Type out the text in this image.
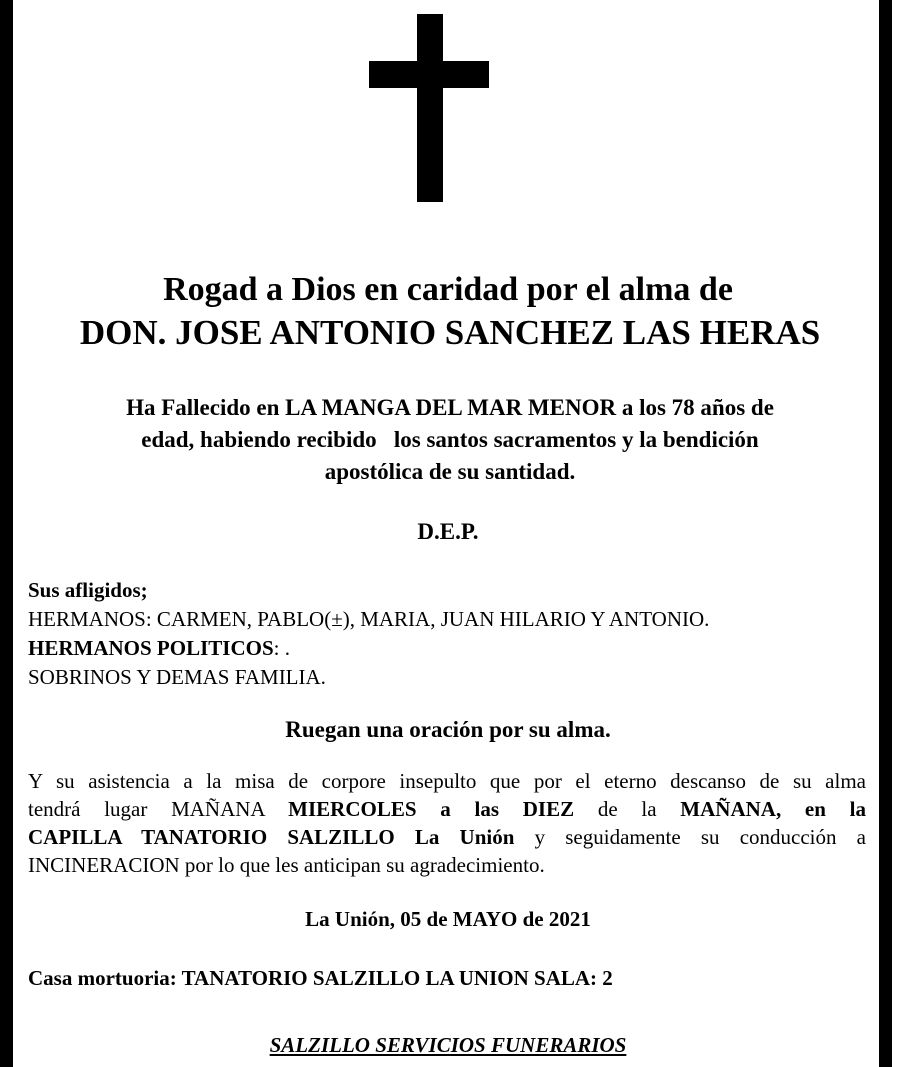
Rogad a Dios en caridad por el alma de
DON. JOSE ANTONIO SANCHEZ LAS HERAS
Ha Fallecido en LA MANGA DEL MAR MENOR a los 78 años de
edad, habiendo recibido   los santos sacramentos y la bendición
apostólica de su santidad.
D.E.P.
Sus afligidos;
HERMANOS: CARMEN, PABLO(±), MARIA, JUAN HILARIO Y ANTONIO.
HERMANOS POLITICOS: .
SOBRINOS Y DEMAS FAMILIA.
Ruegan una oración por su alma.
Y su asistencia a la misa de corpore insepulto que por el eterno descanso de su alma
tendrá lugar MAÑANA MIERCOLES a las DIEZ de la MAÑANA, en la
CAPILLA TANATORIO SALZILLO La Unión y seguidamente su conducción a
INCINERACION por lo que les anticipan su agradecimiento.
La Unión, 05 de MAYO de 2021
Casa mortuoria: TANATORIO SALZILLO LA UNION SALA: 2
SALZILLO SERVICIOS FUNERARIOS
